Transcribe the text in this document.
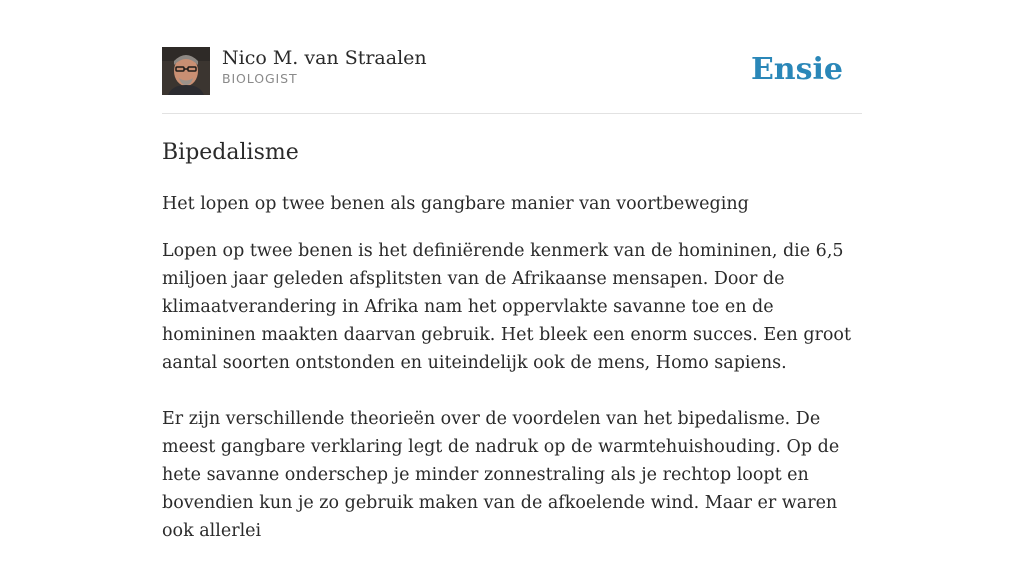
Nico M. van Straalen
BIOLOGIST	Ensie
Bipedalisme

Het lopen op twee benen als gangbare manier van voortbeweging

Lopen op twee benen is het definiërende kenmerk van de homininen, die 6,5 miljoen jaar geleden afsplitsten van de Afrikaanse mensapen. Door de klimaatverandering in Afrika nam het oppervlakte savanne toe en de homininen maakten daarvan gebruik. Het bleek een enorm succes. Een groot aantal soorten ontstonden en uiteindelijk ook de mens, Homo sapiens.

Er zijn verschillende theorieën over de voordelen van het bipedalisme. De meest gangbare verklaring legt de nadruk op de warmtehuishouding. Op de hete savanne onderschep je minder zonnestraling als je rechtop loopt en bovendien kun je zo gebruik maken van de afkoelende wind. Maar er waren ook allerlei
